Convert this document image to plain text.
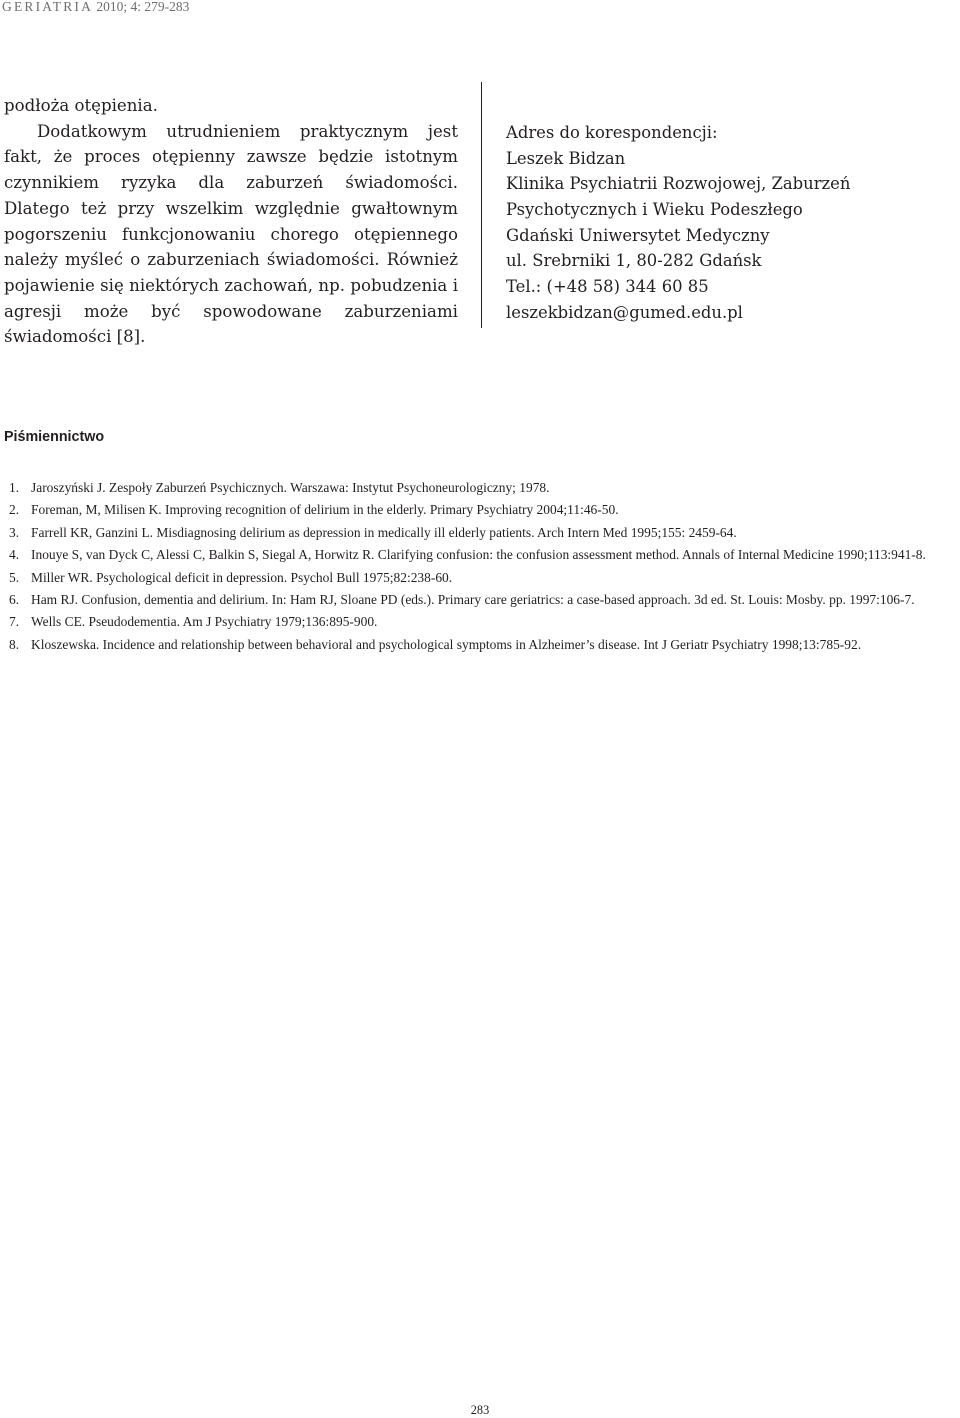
GERIATRIA 2010; 4: 279-283

podłoża otępienia.

Dodatkowym utrudnieniem praktycznym jest fakt, że proces otępienny zawsze będzie istotnym czynnikiem ryzyka dla zaburzeń świadomości. Dlatego też przy wszelkim względnie gwałtownym pogorszeniu funkcjonowaniu chorego otępiennego należy myśleć o zaburzeniach świadomości. Również pojawienie się niektórych zachowań, np. pobudzenia i agresji może być spowodowane zaburzeniami świadomości [8].

Adres do korespondencji:
Leszek Bidzan
Klinika Psychiatrii Rozwojowej, Zaburzeń
Psychotycznych i Wieku Podeszłego
Gdański Uniwersytet Medyczny
ul. Srebrniki 1, 80-282 Gdańsk
Tel.: (+48 58) 344 60 85
leszekbidzan@gumed.edu.pl
Piśmiennictwo
1. Jaroszyński J. Zespoły Zaburzeń Psychicznych. Warszawa: Instytut Psychoneurologiczny; 1978.
2. Foreman, M, Milisen K. Improving recognition of delirium in the elderly. Primary Psychiatry 2004;11:46-50.
3. Farrell KR, Ganzini L. Misdiagnosing delirium as depression in medically ill elderly patients. Arch Intern Med 1995;155: 2459-64.
4. Inouye S, van Dyck C, Alessi C, Balkin S, Siegal A, Horwitz R. Clarifying confusion: the confusion assessment method. Annals of Internal Medicine 1990;113:941-8.
5. Miller WR. Psychological deficit in depression. Psychol Bull 1975;82:238-60.
6. Ham RJ. Confusion, dementia and delirium. In: Ham RJ, Sloane PD (eds.). Primary care geriatrics: a case-based approach. 3d ed. St. Louis: Mosby. pp. 1997:106-7.
7. Wells CE. Pseudodementia. Am J Psychiatry 1979;136:895-900.
8. Kloszewska. Incidence and relationship between behavioral and psychological symptoms in Alzheimer’s disease. Int J Geriatr Psychiatry 1998;13:785-92.
283
